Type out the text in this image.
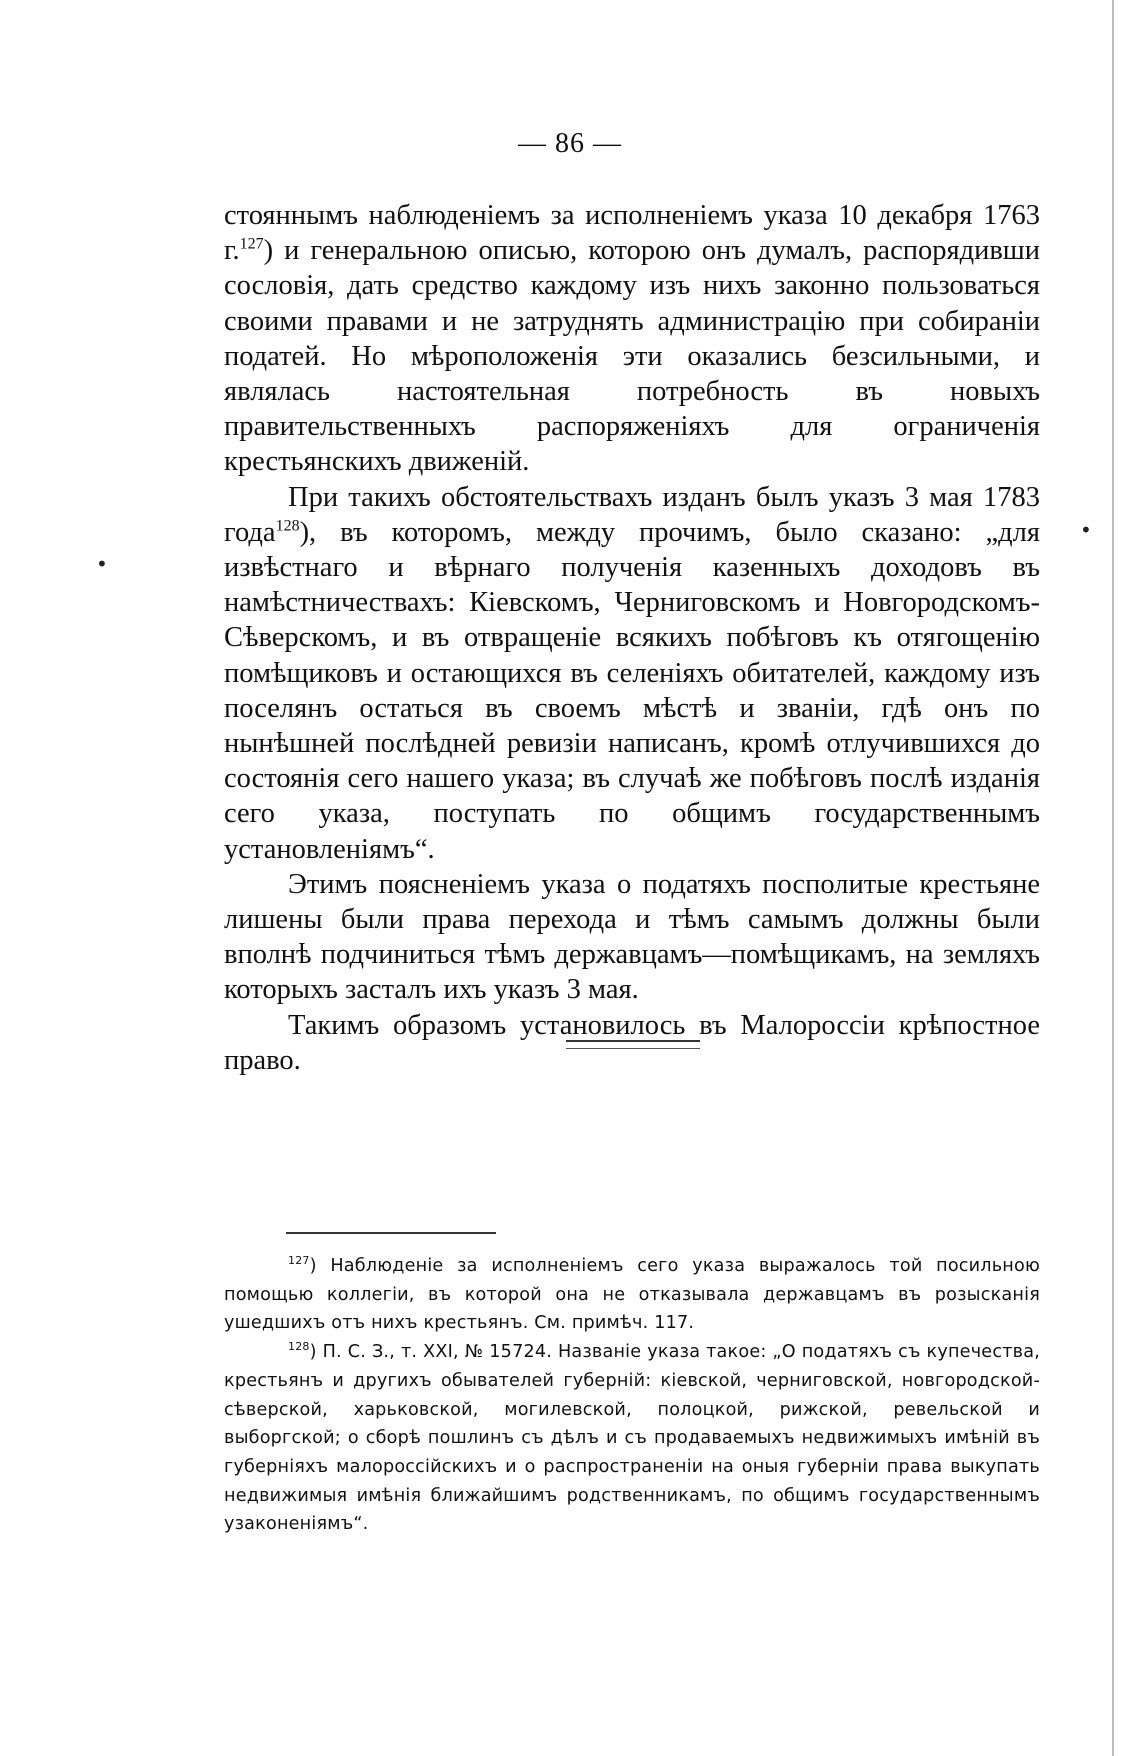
— 86 —

стояннымъ наблюденіемъ за исполненіемъ указа 10 декабря 1763 г.$^{127}$) и генеральною описью, которою онъ думалъ, распорядивши сословія, дать средство каждому изъ нихъ законно пользоваться своими правами и не затруднять администрацію при собираніи податей. Но мѣроположенія эти оказались безсильными, и являлась настоятельная потребность въ новыхъ правительственныхъ распоряженіяхъ для ограниченія крестьянскихъ движеній.

При такихъ обстоятельствахъ изданъ былъ указъ 3 мая 1783 года$^{128}$), въ которомъ, между прочимъ, было сказано: „для извѣстнаго и вѣрнаго полученія казенныхъ доходовъ въ намѣстничествахъ: Кіевскомъ, Черниговскомъ и Новгородскомъ-Сѣверскомъ, и въ отвращеніе всякихъ побѣговъ къ отягощенію помѣщиковъ и остающихся въ селеніяхъ обитателей, каждому изъ поселянъ остаться въ своемъ мѣстѣ и званіи, гдѣ онъ по нынѣшней послѣдней ревизіи написанъ, кромѣ отлучившихся до состоянія сего нашего указа; въ случаѣ же побѣговъ послѣ изданія сего указа, поступать по общимъ государственнымъ установленіямъ“.

Этимъ поясненіемъ указа о податяхъ посполитые крестьяне лишены были права перехода и тѣмъ самымъ должны были вполнѣ подчиниться тѣмъ державцамъ—помѣщикамъ, на земляхъ которыхъ засталъ ихъ указъ 3 мая.

Такимъ образомъ установилось въ Малороссіи крѣпостное право.

$^{127}$) Наблюденіе за исполненіемъ сего указа выражалось той посильною помощью коллегіи, въ которой она не отказывала державцамъ въ розысканія ушедшихъ отъ нихъ крестьянъ. См. примѣч. 117.

$^{128}$) П. С. З., т. XXI, № 15724. Названіе указа такое: „О податяхъ съ купечества, крестьянъ и другихъ обывателей губерній: кіевской, черниговской, новгородской-сѣверской, харьковской, могилевской, полоцкой, рижской, ревельской и выборгской; о сборѣ пошлинъ съ дѣлъ и съ продаваемыхъ недвижимыхъ имѣній въ губерніяхъ малороссійскихъ и о распространеніи на оныя губерніи права выкупать недвижимыя имѣнія ближайшимъ родственникамъ, по общимъ государственнымъ узаконеніямъ“.

•
•
